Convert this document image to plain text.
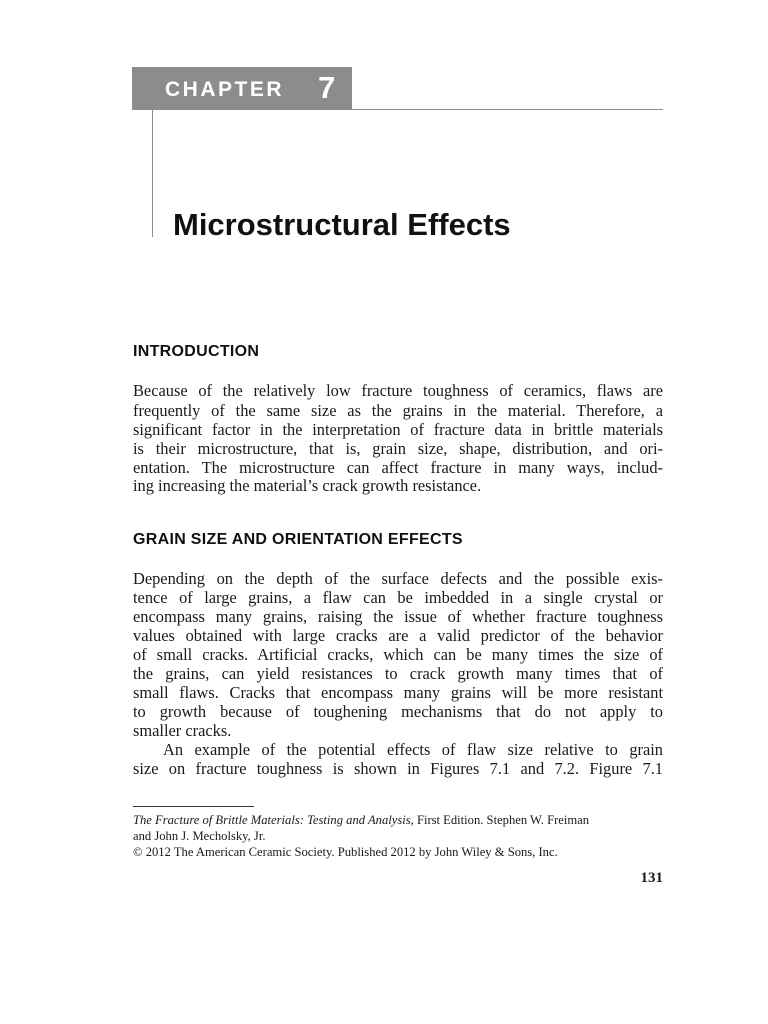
CHAPTER 7
Microstructural Effects
INTRODUCTION
Because of the relatively low fracture toughness of ceramics, flaws are
frequently of the same size as the grains in the material. Therefore, a
significant factor in the interpretation of fracture data in brittle materials
is their microstructure, that is, grain size, shape, distribution, and ori-
entation. The microstructure can affect fracture in many ways, includ-
ing increasing the material’s crack growth resistance.
GRAIN SIZE AND ORIENTATION EFFECTS
Depending on the depth of the surface defects and the possible exis-
tence of large grains, a flaw can be imbedded in a single crystal or
encompass many grains, raising the issue of whether fracture toughness
values obtained with large cracks are a valid predictor of the behavior
of small cracks. Artificial cracks, which can be many times the size of
the grains, can yield resistances to crack growth many times that of
small flaws. Cracks that encompass many grains will be more resistant
to growth because of toughening mechanisms that do not apply to
smaller cracks.
An example of the potential effects of flaw size relative to grain
size on fracture toughness is shown in Figures 7.1 and 7.2. Figure 7.1
The Fracture of Brittle Materials: Testing and Analysis, First Edition. Stephen W. Freiman
and John J. Mecholsky, Jr.
© 2012 The American Ceramic Society. Published 2012 by John Wiley & Sons, Inc.
131
